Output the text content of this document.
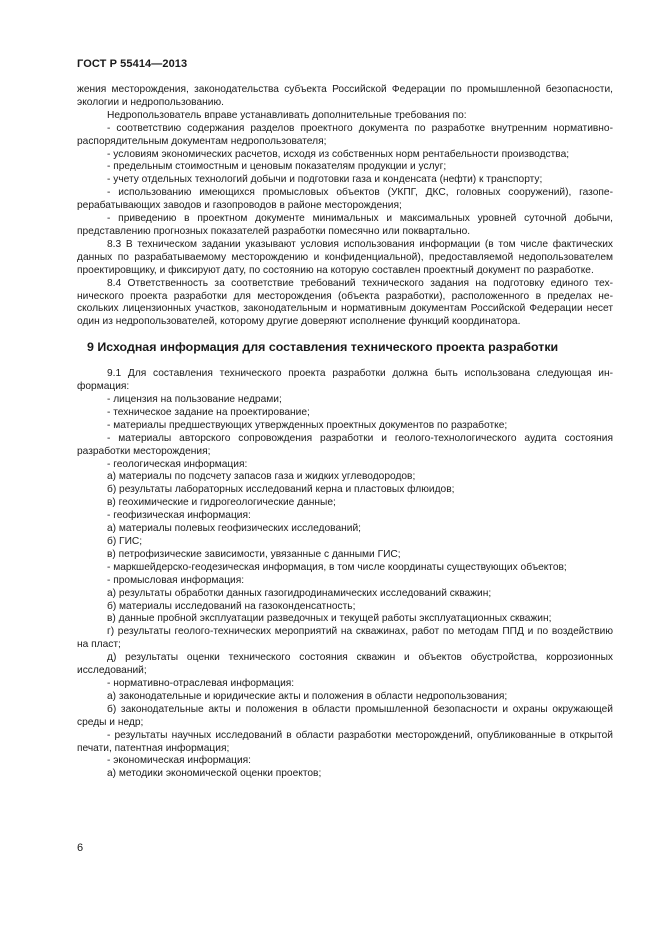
ГОСТ Р 55414—2013

жения месторождения, законодательства субъекта Российской Федерации по промышленной безопасности, экологии и недропользованию.

Недропользователь вправе устанавливать дополнительные требования по:

- соответствию содержания разделов проектного документа по разработке внутренним нормативно-распорядительным документам недропользователя;

- условиям экономических расчетов, исходя из собственных норм рентабельности производства;

- предельным стоимостным и ценовым показателям продукции и услуг;

- учету отдельных технологий добычи и подготовки газа и конденсата (нефти) к транспорту;

- использованию имеющихся промысловых объектов (УКПГ, ДКС, головных сооружений), газоперерабатывающих заводов и газопроводов в районе месторождения;

- приведению в проектном документе минимальных и максимальных уровней суточной добычи, представлению прогнозных показателей разработки помесячно или поквартально.

8.3 В техническом задании указывают условия использования информации (в том числе фактических данных по разрабатываемому месторождению и конфиденциальной), предоставляемой недопользователем проектировщику, и фиксируют дату, по состоянию на которую составлен проектный документ по разработке.

8.4 Ответственность за соответствие требований технического задания на подготовку единого технического проекта разработки для месторождения (объекта разработки), расположенного в пределах нескольких лицензионных участков, законодательным и нормативным документам Российской Федерации несет один из недропользователей, которому другие доверяют исполнение функций координатора.

9 Исходная информация для составления технического проекта разработки

9.1 Для составления технического проекта разработки должна быть использована следующая информация:

- лицензия на пользование недрами;

- техническое задание на проектирование;

- материалы предшествующих утвержденных проектных документов по разработке;

- материалы авторского сопровождения разработки и геолого-технологического аудита состояния разработки месторождения;

- геологическая информация:

а) материалы по подсчету запасов газа и жидких углеводородов;

б) результаты лабораторных исследований керна и пластовых флюидов;

в) геохимические и гидрогеологические данные;

- геофизическая информация:

а) материалы полевых геофизических исследований;

б) ГИС;

в) петрофизические зависимости, увязанные с данными ГИС;

- маркшейдерско-геодезическая информация, в том числе координаты существующих объектов;

- промысловая информация:

а) результаты обработки данных газогидродинамических исследований скважин;

б) материалы исследований на газоконденсатность;

в) данные пробной эксплуатации разведочных и текущей работы эксплуатационных скважин;

г) результаты геолого-технических мероприятий на скважинах, работ по методам ППД и по воздействию на пласт;

д) результаты оценки технического состояния скважин и объектов обустройства, коррозионных исследований;

- нормативно-отраслевая информация:

а) законодательные и юридические акты и положения в области недропользования;

б) законодательные акты и положения в области промышленной безопасности и охраны окружающей среды и недр;

- результаты научных исследований в области разработки месторождений, опубликованные в открытой печати, патентная информация;

- экономическая информация:

а) методики экономической оценки проектов;

6
